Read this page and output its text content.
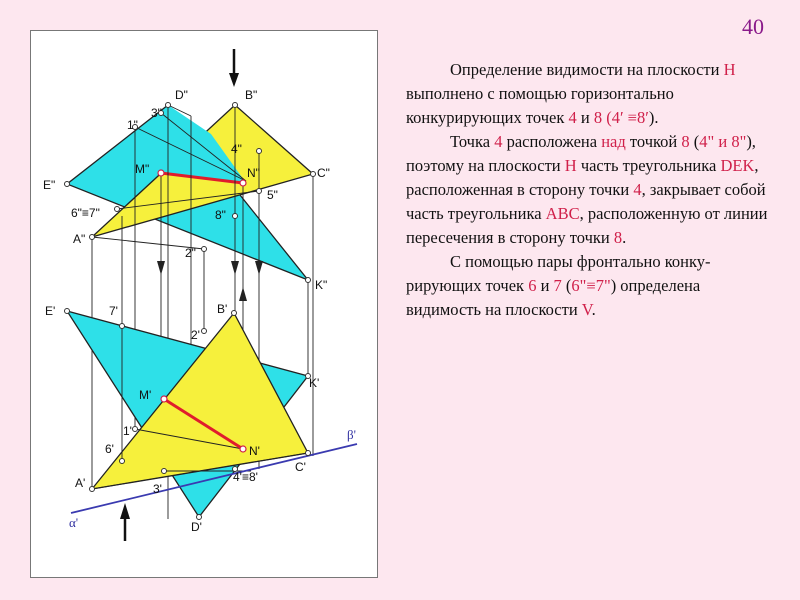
40
D"	B"
3"
1"
4"
M"	N"	C"
E"
5"
6"≡7"	8"
A"
2"
K"
E'	7'	B'
2'
K'
M'
1'
6'	N'
C'
A'	3'
4'≡8'
D'
α'
β'

Определение видимости на плоскости H выполнено с помощью горизонтально конкурирующих точек 4 и 8 (4′ ≡8′).

Точка 4 расположена над точкой 8 (4" и 8"), поэтому на плоскости H часть треугольника DEK, расположенная в сторону точки 4, закрывает собой часть треугольника ABC, расположенную от линии пересечения в сторону точки 8.

С помощью пары фронтально конку-рирующих точек 6 и 7 (6"≡7") определена видимость на плоскости V.
